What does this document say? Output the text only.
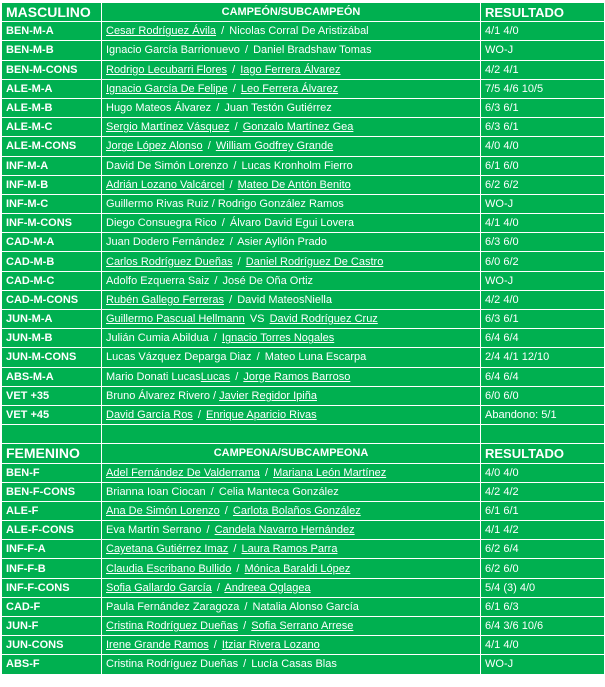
MASCULINO	CAMPEÓN/SUBCAMPEÓN	RESULTADO
BEN-M-A	Cesar Rodríguez Ávila / Nicolas Corral De Aristizábal	4/1 4/0
BEN-M-B	Ignacio García Barrionuevo / Daniel Bradshaw Tomas	WO-J
BEN-M-CONS	Rodrigo Lecubarri Flores / Iago Ferrera Álvarez	4/2 4/1
ALE-M-A	Ignacio García De Felipe / Leo Ferrera Álvarez	7/5 4/6 10/5
ALE-M-B	Hugo Mateos Álvarez / Juan Testón Gutiérrez	6/3 6/1
ALE-M-C	Sergio Martínez Vásquez / Gonzalo Martínez Gea	6/3 6/1
ALE-M-CONS	Jorge López Alonso / William Godfrey Grande	4/0 4/0
INF-M-A	David De Simón Lorenzo / Lucas Kronholm Fierro	6/1 6/0
INF-M-B	Adrián Lozano Valcárcel / Mateo De Antón Benito	6/2 6/2
INF-M-C	Guillermo Rivas Ruiz / Rodrigo González Ramos	WO-J
INF-M-CONS	Diego Consuegra Rico / Álvaro David Egui Lovera	4/1 4/0
CAD-M-A	Juan Dodero Fernández / Asier Ayllón Prado	6/3 6/0
CAD-M-B	Carlos Rodríguez Dueñas / Daniel Rodríguez De Castro	6/0 6/2
CAD-M-C	Adolfo Ezquerra Saiz / José De Oña Ortiz	WO-J
CAD-M-CONS	Rubén Gallego Ferreras / David MateosNiella	4/2 4/0
JUN-M-A	Guillermo Pascual Hellmann VS David Rodríguez Cruz	6/3 6/1
JUN-M-B	Julián Cumia Abildua / Ignacio Torres Nogales	6/4 6/4
JUN-M-CONS	Lucas Vázquez Deparga Diaz / Mateo Luna Escarpa	2/4 4/1 12/10
ABS-M-A	Mario Donati LucasLucas / Jorge Ramos Barroso	6/4 6/4
VET +35	Bruno Álvarez Rivero / Javier Regidor Ipiña	6/0 6/0
VET +45	David García Ros / Enrique Aparicio Rivas	Abandono: 5/1

FEMENINO	CAMPEONA/SUBCAMPEONA	RESULTADO
BEN-F	Adel Fernández De Valderrama / Mariana León Martínez	4/0 4/0
BEN-F-CONS	Brianna Ioan Ciocan / Celia Manteca González	4/2 4/2
ALE-F	Ana De Simón Lorenzo / Carlota Bolaños González	6/1 6/1
ALE-F-CONS	Eva Martín Serrano / Candela Navarro Hernández	4/1 4/2
INF-F-A	Cayetana Gutiérrez Imaz / Laura Ramos Parra	6/2 6/4
INF-F-B	Claudia Escribano Bullido / Mónica Baraldi López	6/2 6/0
INF-F-CONS	Sofia Gallardo García / Andreea Oglagea	5/4 (3) 4/0
CAD-F	Paula Fernández Zaragoza / Natalia Alonso García	6/1 6/3
JUN-F	Cristina Rodríguez Dueñas / Sofia Serrano Arrese	6/4 3/6 10/6
JUN-CONS	Irene Grande Ramos / Itziar Rivera Lozano	4/1 4/0
ABS-F	Cristina Rodríguez Dueñas / Lucía Casas Blas	WO-J
